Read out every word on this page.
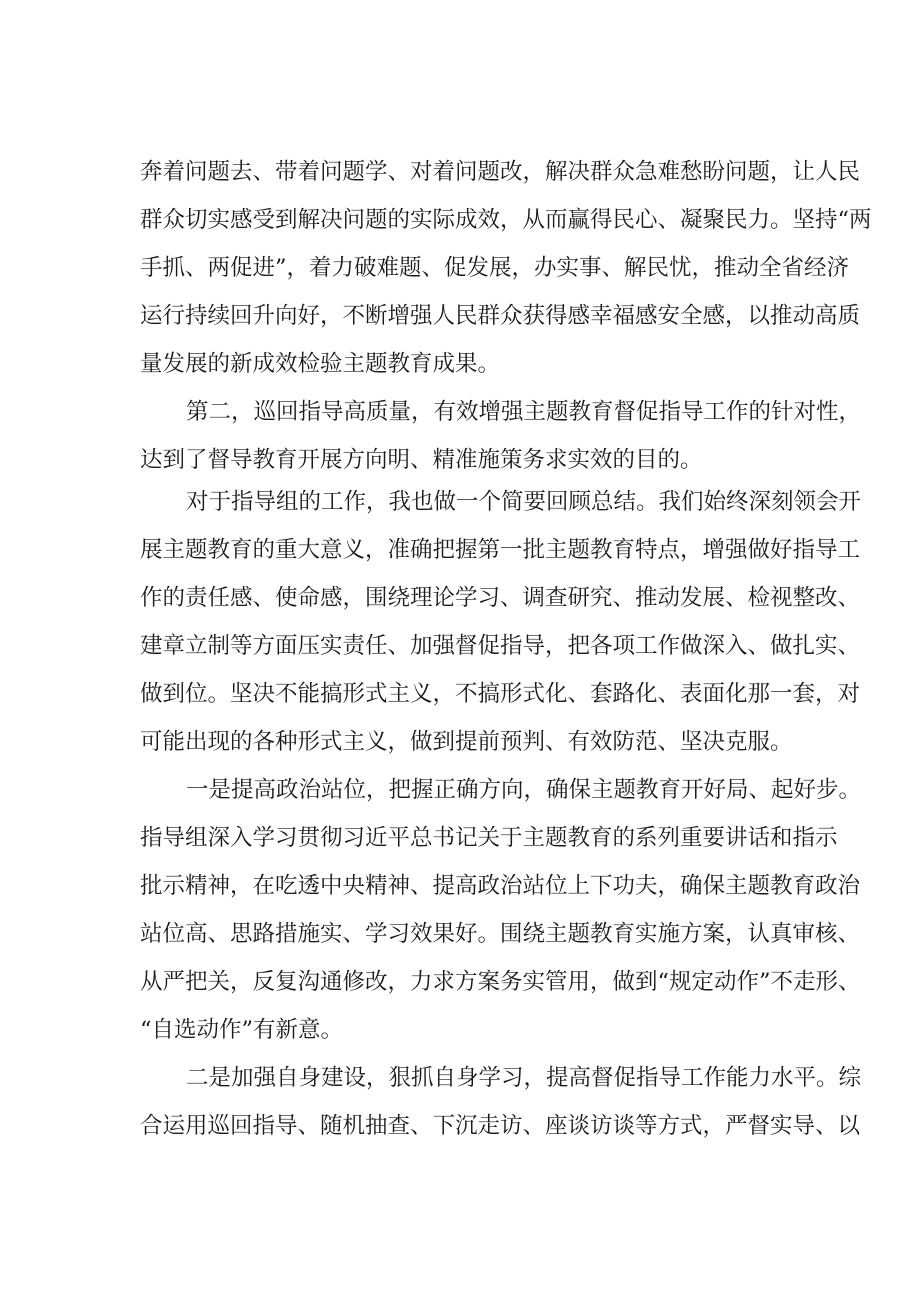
奔着问题去、带着问题学、对着问题改，解决群众急难愁盼问题，让人民
群众切实感受到解决问题的实际成效，从而赢得民心、凝聚民力。坚持“两
手抓、两促进”，着力破难题、促发展，办实事、解民忧，推动全省经济
运行持续回升向好，不断增强人民群众获得感幸福感安全感，以推动高质
量发展的新成效检验主题教育成果。
第二，巡回指导高质量，有效增强主题教育督促指导工作的针对性，
达到了督导教育开展方向明、精准施策务求实效的目的。
对于指导组的工作，我也做一个简要回顾总结。我们始终深刻领会开
展主题教育的重大意义，准确把握第一批主题教育特点，增强做好指导工
作的责任感、使命感，围绕理论学习、调查研究、推动发展、检视整改、
建章立制等方面压实责任、加强督促指导，把各项工作做深入、做扎实、
做到位。坚决不能搞形式主义，不搞形式化、套路化、表面化那一套，对
可能出现的各种形式主义，做到提前预判、有效防范、坚决克服。
一是提高政治站位，把握正确方向，确保主题教育开好局、起好步。
指导组深入学习贯彻习近平总书记关于主题教育的系列重要讲话和指示
批示精神，在吃透中央精神、提高政治站位上下功夫，确保主题教育政治
站位高、思路措施实、学习效果好。围绕主题教育实施方案，认真审核、
从严把关，反复沟通修改，力求方案务实管用，做到“规定动作”不走形、
“自选动作”有新意。
二是加强自身建设，狠抓自身学习，提高督促指导工作能力水平。综
合运用巡回指导、随机抽查、下沉走访、座谈访谈等方式，严督实导、以
